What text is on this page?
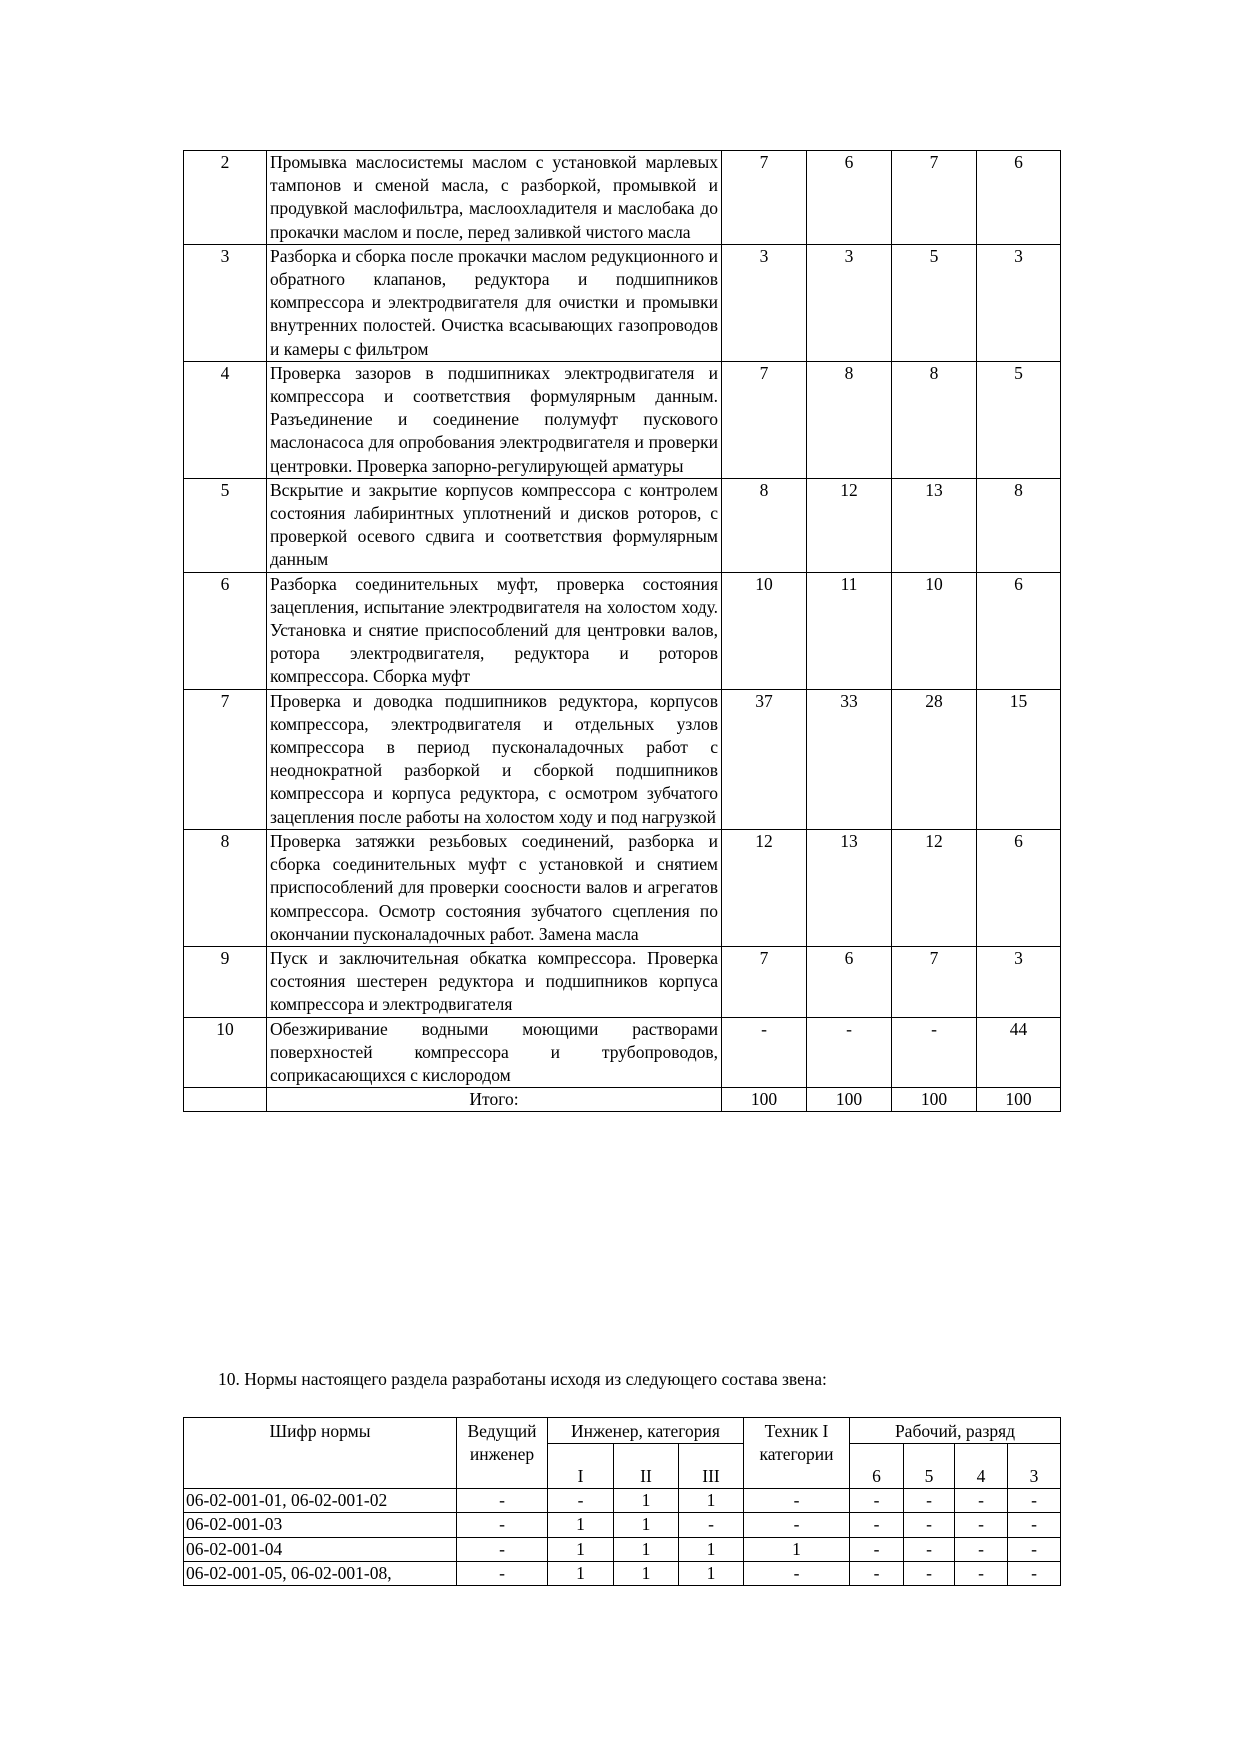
2	Промывка маслосистемы маслом с установкой марлевых тампонов и сменой масла, с разборкой, промывкой и продувкой маслофильтра, маслоохладителя и маслобака до прокачки маслом и после, перед заливкой чистого масла	7	6	7	6
3	Разборка и сборка после прокачки маслом редукционного и обратного клапанов, редуктора и подшипников компрессора и электродвигателя для очистки и промывки внутренних полостей. Очистка всасывающих газопроводов и камеры с фильтром	3	3	5	3
4	Проверка зазоров в подшипниках электродвигателя и компрессора и соответствия формулярным данным. Разъединение и соединение полумуфт пускового маслонасоса для опробования электродвигателя и проверки центровки. Проверка запорно-регулирующей арматуры	7	8	8	5
5	Вскрытие и закрытие корпусов компрессора с контролем состояния лабиринтных уплотнений и дисков роторов, с проверкой осевого сдвига и соответствия формулярным данным	8	12	13	8
6	Разборка соединительных муфт, проверка состояния зацепления, испытание электродвигателя на холостом ходу. Установка и снятие приспособлений для центровки валов, ротора электродвигателя, редуктора и роторов компрессора. Сборка муфт	10	11	10	6
7	Проверка и доводка подшипников редуктора, корпусов компрессора, электродвигателя и отдельных узлов компрессора в период пусконаладочных работ с неоднократной разборкой и сборкой подшипников компрессора и корпуса редуктора, с осмотром зубчатого зацепления после работы на холостом ходу и под нагрузкой	37	33	28	15
8	Проверка затяжки резьбовых соединений, разборка и сборка соединительных муфт с установкой и снятием приспособлений для проверки соосности валов и агрегатов компрессора. Осмотр состояния зубчатого сцепления по окончании пусконаладочных работ. Замена масла	12	13	12	6
9	Пуск и заключительная обкатка компрессора. Проверка состояния шестерен редуктора и подшипников корпуса компрессора и электродвигателя	7	6	7	3
10	Обезжиривание водными моющими растворами поверхностей компрессора и трубопроводов, соприкасающихся с кислородом	-	-	-	44
	Итого:	100	100	100	100

10. Нормы настоящего раздела разработаны исходя из следующего состава звена:

Шифр нормы	Ведущий инженер	Инженер, категория			Техник I категории	Рабочий, разряд			
		I	II	III		6	5	4	3
06-02-001-01, 06-02-001-02	-	-	1	1	-	-	-	-	-
06-02-001-03	-	1	1	-	-	-	-	-	-
06-02-001-04	-	1	1	1	1	-	-	-	-
06-02-001-05, 06-02-001-08,	-	1	1	1	-	-	-	-	-
